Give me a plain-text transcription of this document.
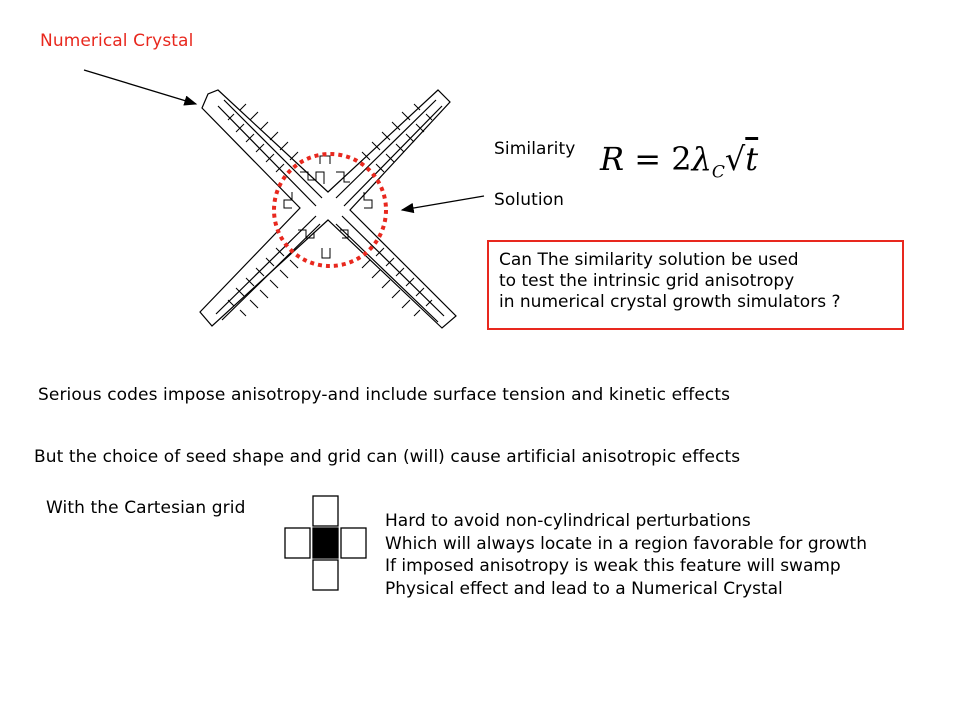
Numerical Crystal
Similarity
Solution
$R = 2\lambda_C√t$
Can The similarity solution be used
to test the intrinsic grid anisotropy
in numerical crystal growth simulators ?
Serious codes impose anisotropy-and include surface tension and kinetic effects
But the choice of seed shape and grid can (will) cause artificial anisotropic effects
With the Cartesian grid
Hard to avoid non-cylindrical perturbations
Which will always locate in a region favorable for growth
If imposed anisotropy is weak this feature will swamp
Physical effect and lead to a Numerical Crystal
